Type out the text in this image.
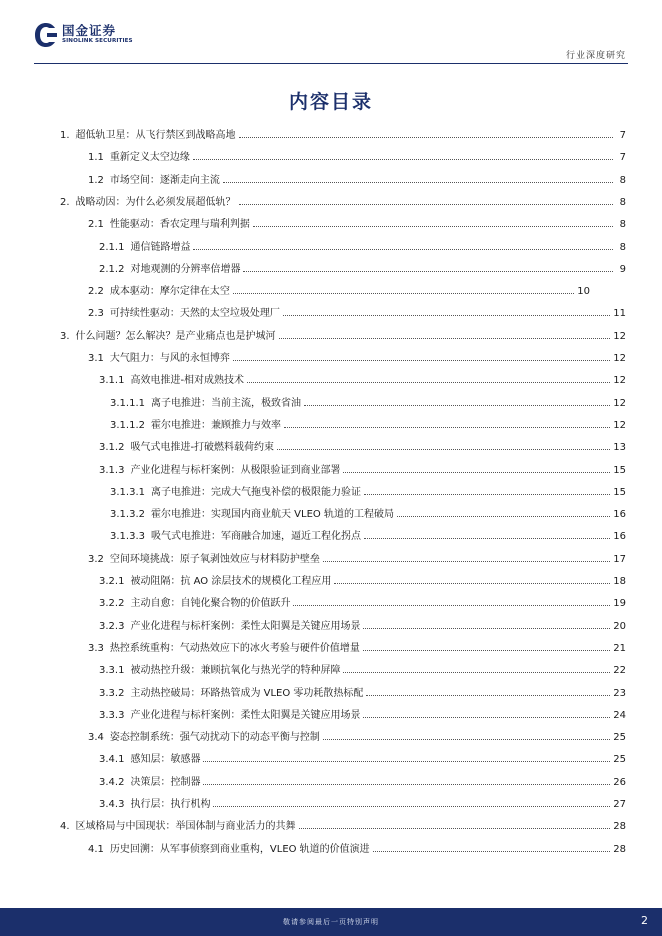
国金证券
SINOLINK SECURITIES
行业深度研究
内容目录
1. 超低轨卫星：从飞行禁区到战略高地	7
1.1 重新定义太空边缘	7
1.2 市场空间：逐渐走向主流	8
2. 战略动因：为什么必须发展超低轨？	8
2.1 性能驱动：香农定理与瑞利判据	8
2.1.1 通信链路增益	8
2.1.2 对地观测的分辨率倍增器	9
2.2 成本驱动：摩尔定律在太空	10
2.3 可持续性驱动：天然的太空垃圾处理厂	11
3. 什么问题？怎么解决？是产业痛点也是护城河	12
3.1 大气阻力：与风的永恒博弈	12
3.1.1 高效电推进-相对成熟技术	12
3.1.1.1 离子电推进：当前主流，极致省油	12
3.1.1.2 霍尔电推进：兼顾推力与效率	12
3.1.2 吸气式电推进-打破燃料载荷约束	13
3.1.3 产业化进程与标杆案例：从极限验证到商业部署	15
3.1.3.1 离子电推进：完成大气拖曳补偿的极限能力验证	15
3.1.3.2 霍尔电推进：实现国内商业航天 VLEO 轨道的工程破局	16
3.1.3.3 吸气式电推进：军商融合加速，逼近工程化拐点	16
3.2 空间环境挑战：原子氧剥蚀效应与材料防护壁垒	17
3.2.1 被动阻隔：抗 AO 涂层技术的规模化工程应用	18
3.2.2 主动自愈：自钝化聚合物的价值跃升	19
3.2.3 产业化进程与标杆案例：柔性太阳翼是关键应用场景	20
3.3 热控系统重构：气动热效应下的冰火考验与硬件价值增量	21
3.3.1 被动热控升级：兼顾抗氧化与热光学的特种屏障	22
3.3.2 主动热控破局：环路热管成为 VLEO 零功耗散热标配	23
3.3.3 产业化进程与标杆案例：柔性太阳翼是关键应用场景	24
3.4 姿态控制系统：强气动扰动下的动态平衡与控制	25
3.4.1 感知层：敏感器	25
3.4.2 决策层：控制器	26
3.4.3 执行层：执行机构	27
4. 区域格局与中国现状：举国体制与商业活力的共舞	28
4.1 历史回溯：从军事侦察到商业重构，VLEO 轨道的价值演进	28
敬请参阅最后一页特别声明	2
